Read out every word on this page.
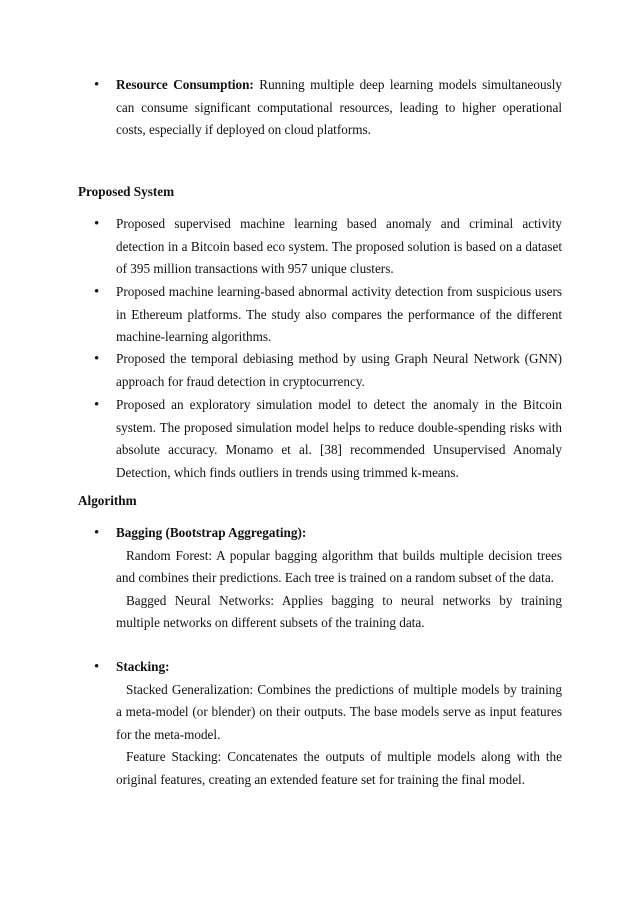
• Resource Consumption: Running multiple deep learning models simultaneously can consume significant computational resources, leading to higher operational costs, especially if deployed on cloud platforms.
Proposed System
• Proposed supervised machine learning based anomaly and criminal activity detection in a Bitcoin based eco system. The proposed solution is based on a dataset of 395 million transactions with 957 unique clusters.
• Proposed machine learning-based abnormal activity detection from suspicious users in Ethereum platforms. The study also compares the performance of the different machine-learning algorithms.
• Proposed the temporal debiasing method by using Graph Neural Network (GNN) approach for fraud detection in cryptocurrency.
• Proposed an exploratory simulation model to detect the anomaly in the Bitcoin system. The proposed simulation model helps to reduce double-spending risks with absolute accuracy. Monamo et al. [38] recommended Unsupervised Anomaly Detection, which finds outliers in trends using trimmed k-means.
Algorithm
• Bagging (Bootstrap Aggregating):
Random Forest: A popular bagging algorithm that builds multiple decision trees and combines their predictions. Each tree is trained on a random subset of the data.
Bagged Neural Networks: Applies bagging to neural networks by training multiple networks on different subsets of the training data.
• Stacking:
Stacked Generalization: Combines the predictions of multiple models by training a meta-model (or blender) on their outputs. The base models serve as input features for the meta-model.
Feature Stacking: Concatenates the outputs of multiple models along with the original features, creating an extended feature set for training the final model.
